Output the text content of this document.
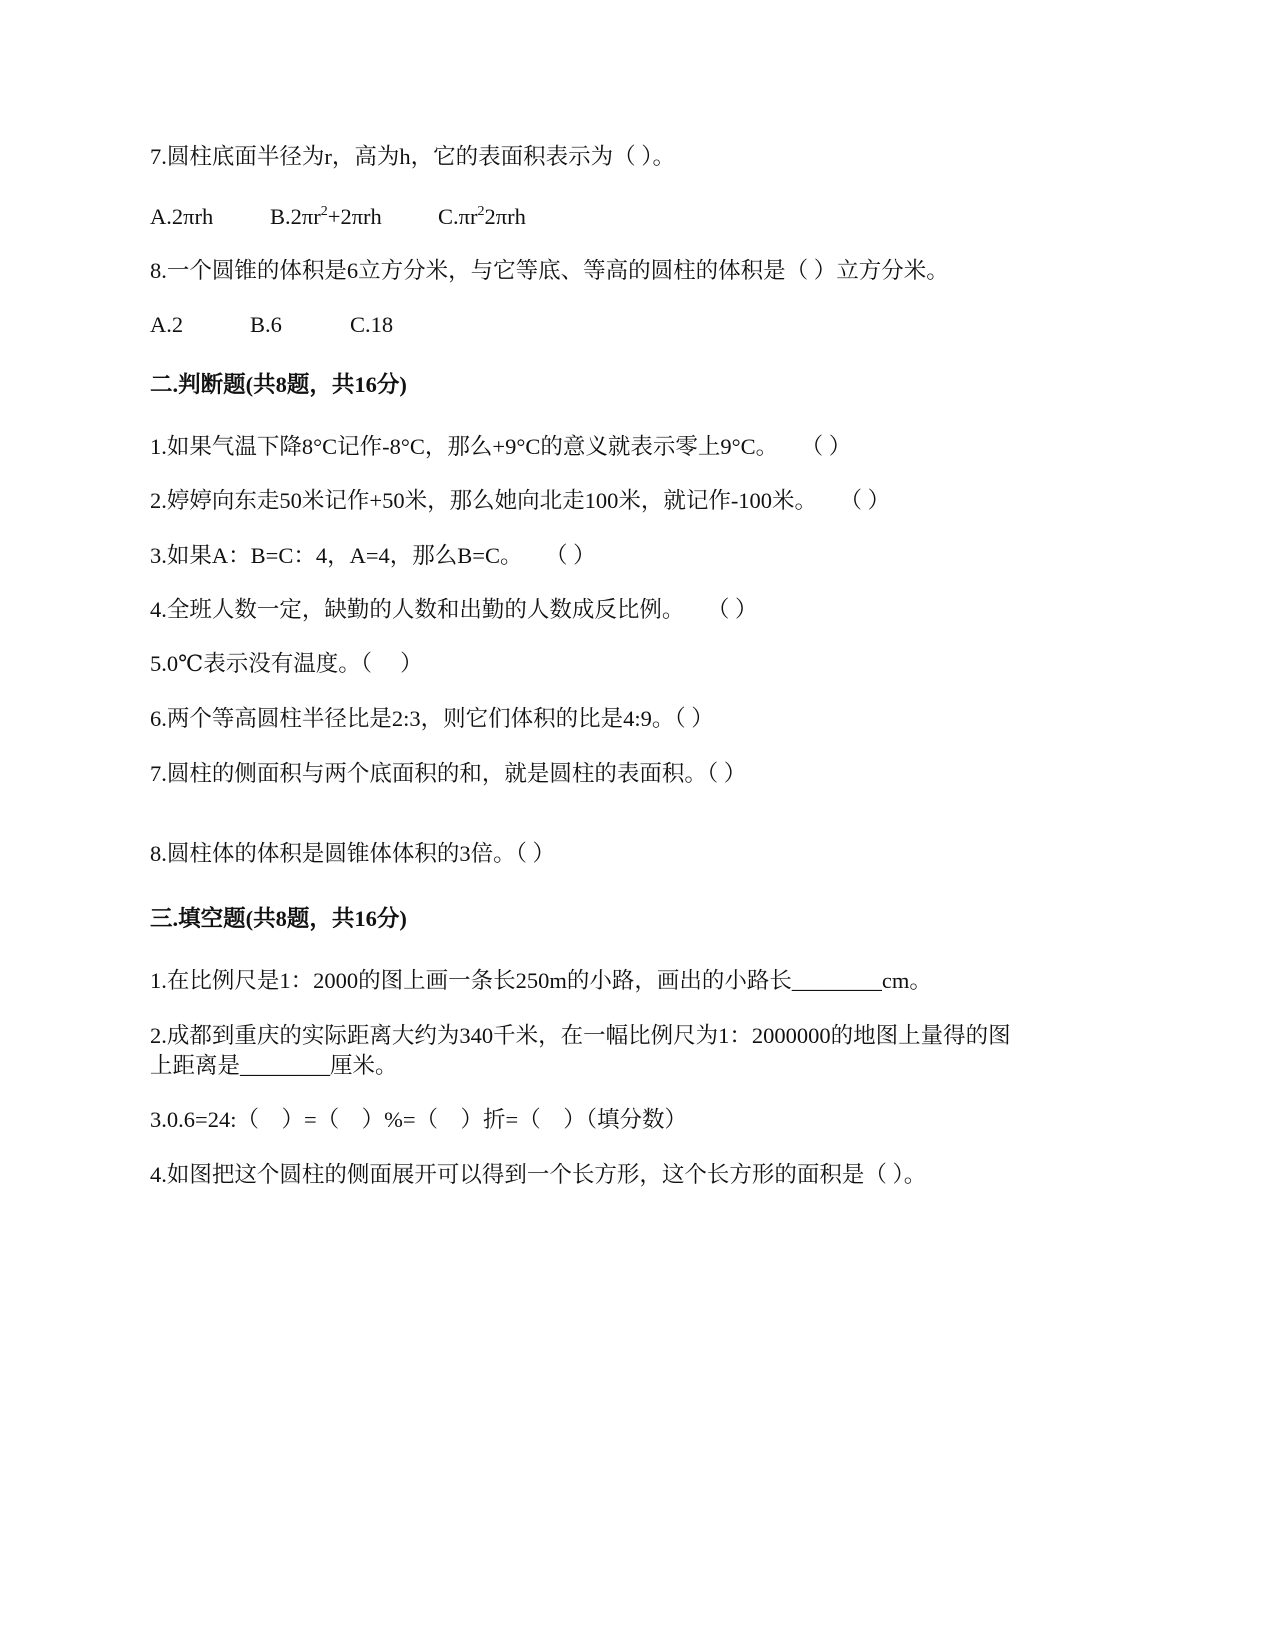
7.圆柱底面半径为r，高为h，它的表面积表示为（ ）。
A.2πrh	$B.2\pi r^2+2\pi rh$ $C.\pi r^22\pi rh$
8.一个圆锥的体积是6立方分米，与它等底、等高的圆柱的体积是（ ）立方分米。
A.2	B.6	C.18
二.判断题(共8题，共16分)
1.如果气温下降8°C记作-8°C，那么+9°C的意义就表示零上9°C。　　（ ）
2.婷婷向东走50米记作+50米，那么她向北走100米，就记作-100米。　　（ ）
3.如果A：B=C：4，A=4，那么B=C。　　（ ）
4.全班人数一定，缺勤的人数和出勤的人数成反比例。　　（ ）
5.0℃表示没有温度。（　 ）
6.两个等高圆柱半径比是2:3，则它们体积的比是4:9。（ ）
7.圆柱的侧面积与两个底面积的和，就是圆柱的表面积。（ ）
8.圆柱体的体积是圆锥体体积的3倍。（ ）
三.填空题(共8题，共16分)
1.在比例尺是1：2000的图上画一条长250m的小路，画出的小路长________cm。
2.成都到重庆的实际距离大约为340千米，在一幅比例尺为1：2000000的地图上量得的图
上距离是________厘米。
3.0.6=24:（　）=（　）%=（　）折=（　）（填分数）
4.如图把这个圆柱的侧面展开可以得到一个长方形，这个长方形的面积是（ ）。
